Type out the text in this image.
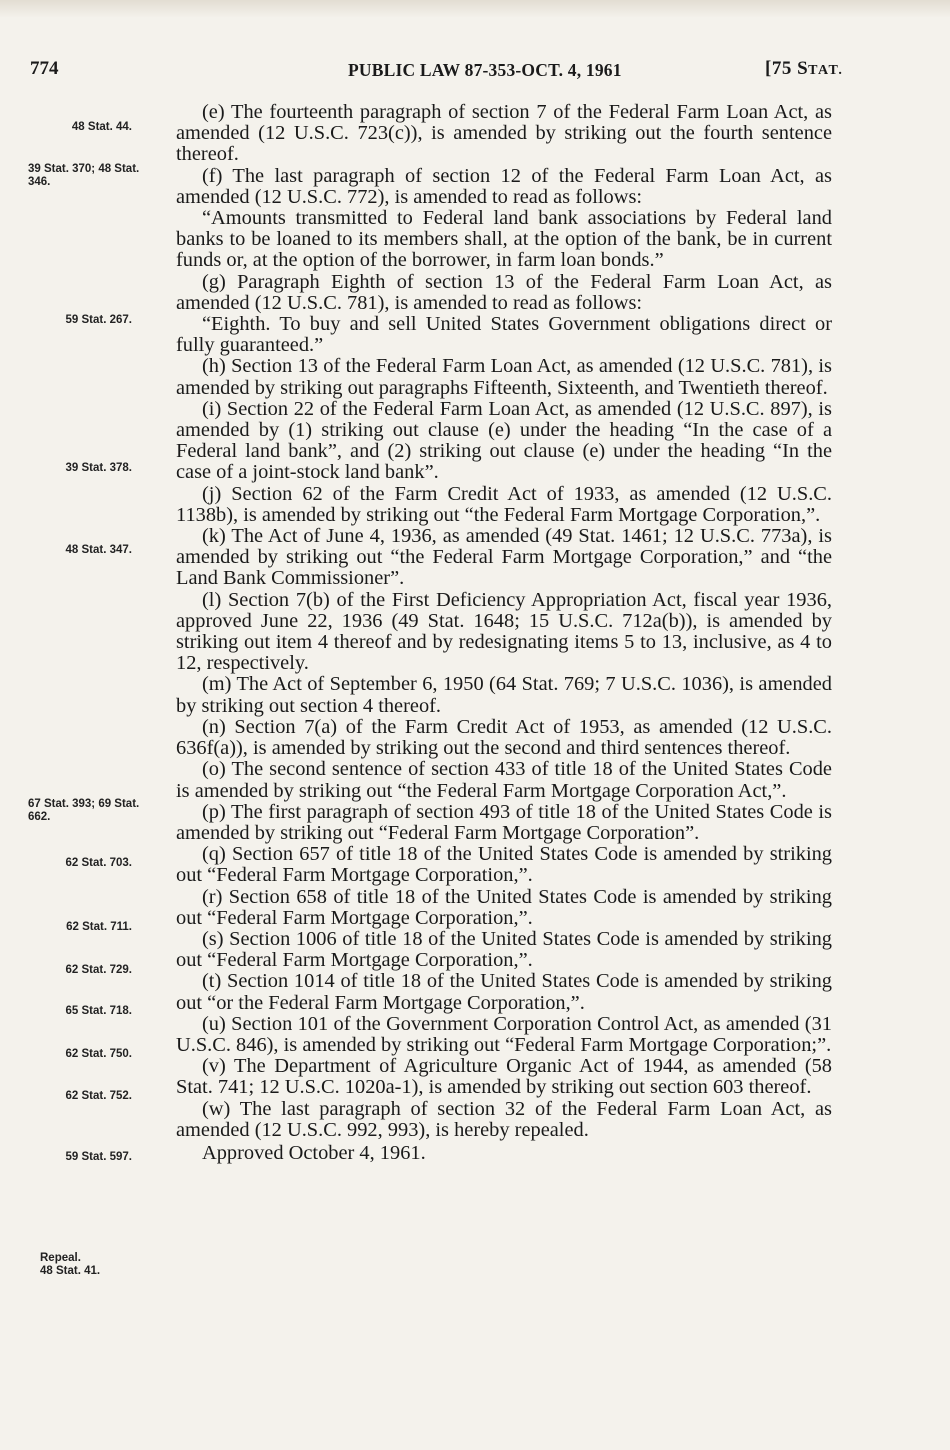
774	PUBLIC LAW 87-353-OCT. 4, 1961	[75 STAT.
48 Stat. 44.
39 Stat. 370; 48 Stat. 346.
59 Stat. 267.
39 Stat. 378.
48 Stat. 347.
67 Stat. 393; 69 Stat. 662.
62 Stat. 703.
62 Stat. 711.
62 Stat. 729.
65 Stat. 718.
62 Stat. 750.
62 Stat. 752.
59 Stat. 597.
Repeal.
48 Stat. 41.

(e) The fourteenth paragraph of section 7 of the Federal Farm Loan Act, as amended (12 U.S.C. 723(c)), is amended by striking out the fourth sentence thereof.

(f) The last paragraph of section 12 of the Federal Farm Loan Act, as amended (12 U.S.C. 772), is amended to read as follows:

“Amounts transmitted to Federal land bank associations by Federal land banks to be loaned to its members shall, at the option of the bank, be in current funds or, at the option of the borrower, in farm loan bonds.”

(g) Paragraph Eighth of section 13 of the Federal Farm Loan Act, as amended (12 U.S.C. 781), is amended to read as follows:

“Eighth. To buy and sell United States Government obligations direct or fully guaranteed.”

(h) Section 13 of the Federal Farm Loan Act, as amended (12 U.S.C. 781), is amended by striking out paragraphs Fifteenth, Sixteenth, and Twentieth thereof.

(i) Section 22 of the Federal Farm Loan Act, as amended (12 U.S.C. 897), is amended by (1) striking out clause (e) under the heading “In the case of a Federal land bank”, and (2) striking out clause (e) under the heading “In the case of a joint-stock land bank”.

(j) Section 62 of the Farm Credit Act of 1933, as amended (12 U.S.C. 1138b), is amended by striking out “the Federal Farm Mortgage Corporation,”.

(k) The Act of June 4, 1936, as amended (49 Stat. 1461; 12 U.S.C. 773a), is amended by striking out “the Federal Farm Mortgage Corporation,” and “the Land Bank Commissioner”.

(l) Section 7(b) of the First Deficiency Appropriation Act, fiscal year 1936, approved June 22, 1936 (49 Stat. 1648; 15 U.S.C. 712a(b)), is amended by striking out item 4 thereof and by redesignating items 5 to 13, inclusive, as 4 to 12, respectively.

(m) The Act of September 6, 1950 (64 Stat. 769; 7 U.S.C. 1036), is amended by striking out section 4 thereof.

(n) Section 7(a) of the Farm Credit Act of 1953, as amended (12 U.S.C. 636f(a)), is amended by striking out the second and third sentences thereof.

(o) The second sentence of section 433 of title 18 of the United States Code is amended by striking out “the Federal Farm Mortgage Corporation Act,”.

(p) The first paragraph of section 493 of title 18 of the United States Code is amended by striking out “Federal Farm Mortgage Corporation”.

(q) Section 657 of title 18 of the United States Code is amended by striking out “Federal Farm Mortgage Corporation,”.

(r) Section 658 of title 18 of the United States Code is amended by striking out “Federal Farm Mortgage Corporation,”.

(s) Section 1006 of title 18 of the United States Code is amended by striking out “Federal Farm Mortgage Corporation,”.

(t) Section 1014 of title 18 of the United States Code is amended by striking out “or the Federal Farm Mortgage Corporation,”.

(u) Section 101 of the Government Corporation Control Act, as amended (31 U.S.C. 846), is amended by striking out “Federal Farm Mortgage Corporation;”.

(v) The Department of Agriculture Organic Act of 1944, as amended (58 Stat. 741; 12 U.S.C. 1020a-1), is amended by striking out section 603 thereof.

(w) The last paragraph of section 32 of the Federal Farm Loan Act, as amended (12 U.S.C. 992, 993), is hereby repealed.

Approved October 4, 1961.
